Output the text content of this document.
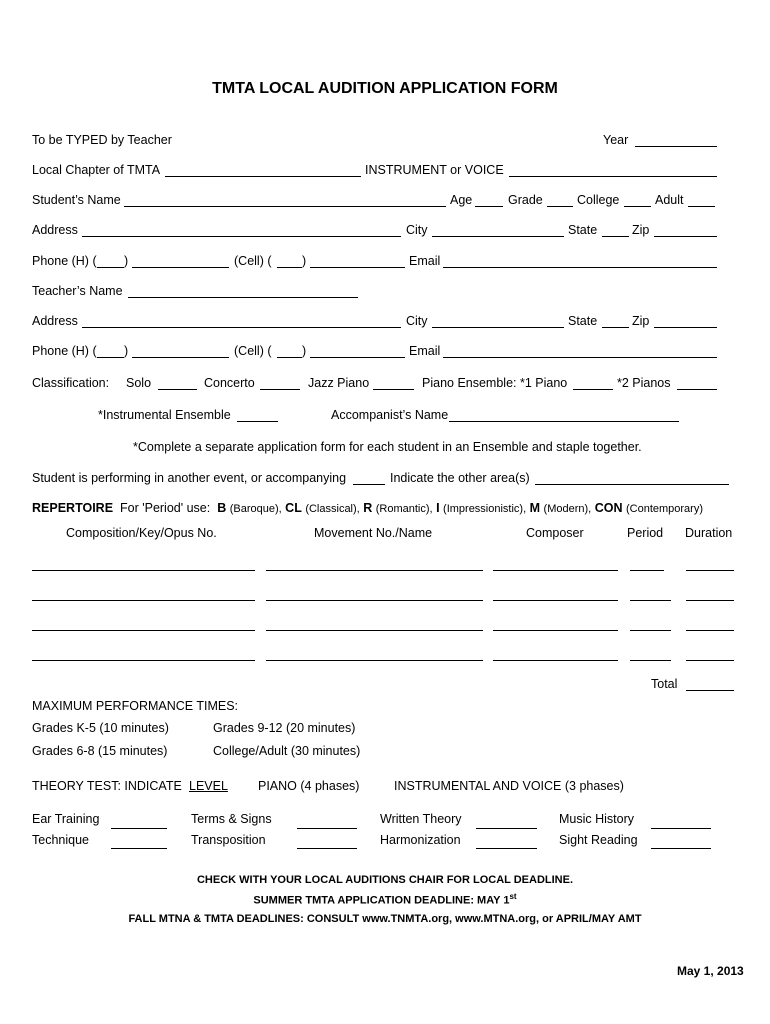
TMTA LOCAL AUDITION APPLICATION FORM
To be TYPED by Teacher	Year
Local Chapter of TMTA	INSTRUMENT or VOICE
Student’s Name	Age	Grade	College	Adult
Address	City	State	Zip
Phone (H) ( )	(Cell) ( )	Email
Teacher’s Name
Address	City	State	Zip
Phone (H) ( )	(Cell) ( )	Email
Classification: Solo	Concerto	Jazz Piano	Piano Ensemble: *1 Piano	*2 Pianos
*Instrumental Ensemble	Accompanist’s Name
*Complete a separate application form for each student in an Ensemble and staple together.
Student is performing in another event, or accompanying	Indicate the other area(s)
REPERTOIRE For 'Period' use: B (Baroque), CL (Classical), R (Romantic), I (Impressionistic), M (Modern), CON (Contemporary)
Composition/Key/Opus No.	Movement No./Name	Composer	Period Duration
Total
MAXIMUM PERFORMANCE TIMES:
Grades K-5 (10 minutes)	Grades 9-12 (20 minutes)
Grades 6-8 (15 minutes)	College/Adult (30 minutes)
THEORY TEST: INDICATE LEVEL PIANO (4 phases)	INSTRUMENTAL AND VOICE (3 phases)
Ear Training	Terms & Signs	Written Theory	Music History
Technique	Transposition	Harmonization	Sight Reading
CHECK WITH YOUR LOCAL AUDITIONS CHAIR FOR LOCAL DEADLINE.
SUMMER TMTA APPLICATION DEADLINE: MAY 1st
FALL MTNA & TMTA DEADLINES: CONSULT www.TNMTA.org, www.MTNA.org, or APRIL/MAY AMT
May 1, 2013
